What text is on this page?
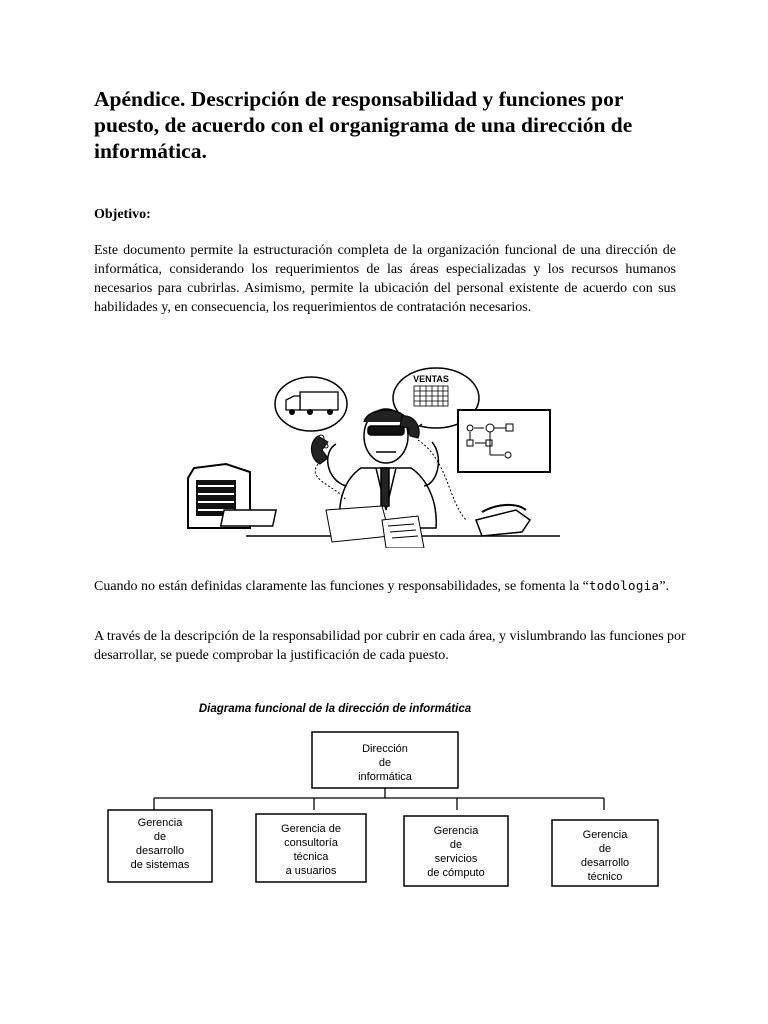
Apéndice. Descripción de responsabilidad y funciones por puesto, de acuerdo con el organigrama de una dirección de informática.

Objetivo:

Este documento permite la estructuración completa de la organización funcional de una dirección de informática, considerando los requerimientos de las áreas especializadas y los recursos humanos necesarios para cubrirlas. Asimismo, permite la ubicación del personal existente de acuerdo con sus habilidades y, en consecuencia, los requerimientos de contratación necesarios.

VENTAS

Cuando no están definidas claramente las funciones y responsabilidades, se fomenta la “todologia”.

A través de la descripción de la responsabilidad por cubrir en cada área, y vislumbrando las funciones por desarrollar, se puede comprobar la justificación de cada puesto.

Diagrama funcional de la dirección de informática
Dirección
de
informática
Gerencia
de
desarrollo
de sistemas
Gerencia de
consultoría
técnica
a usuarios
Gerencia
de
servicios
de cómputo
Gerencia
de
desarrollo
técnico
